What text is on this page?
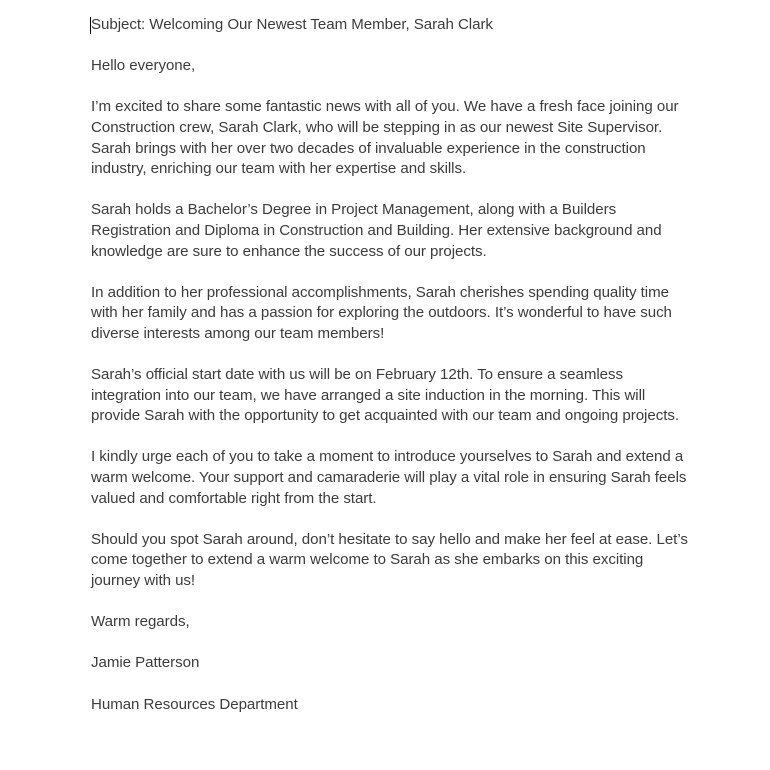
Subject: Welcoming Our Newest Team Member, Sarah Clark

Hello everyone,

I’m excited to share some fantastic news with all of you. We have a fresh face joining our Construction crew, Sarah Clark, who will be stepping in as our newest Site Supervisor. Sarah brings with her over two decades of invaluable experience in the construction industry, enriching our team with her expertise and skills.

Sarah holds a Bachelor’s Degree in Project Management, along with a Builders Registration and Diploma in Construction and Building. Her extensive background and knowledge are sure to enhance the success of our projects.

In addition to her professional accomplishments, Sarah cherishes spending quality time with her family and has a passion for exploring the outdoors. It’s wonderful to have such diverse interests among our team members!

Sarah’s official start date with us will be on February 12th. To ensure a seamless integration into our team, we have arranged a site induction in the morning. This will provide Sarah with the opportunity to get acquainted with our team and ongoing projects.

I kindly urge each of you to take a moment to introduce yourselves to Sarah and extend a warm welcome. Your support and camaraderie will play a vital role in ensuring Sarah feels valued and comfortable right from the start.

Should you spot Sarah around, don’t hesitate to say hello and make her feel at ease. Let’s come together to extend a warm welcome to Sarah as she embarks on this exciting journey with us!

Warm regards,

Jamie Patterson

Human Resources Department
